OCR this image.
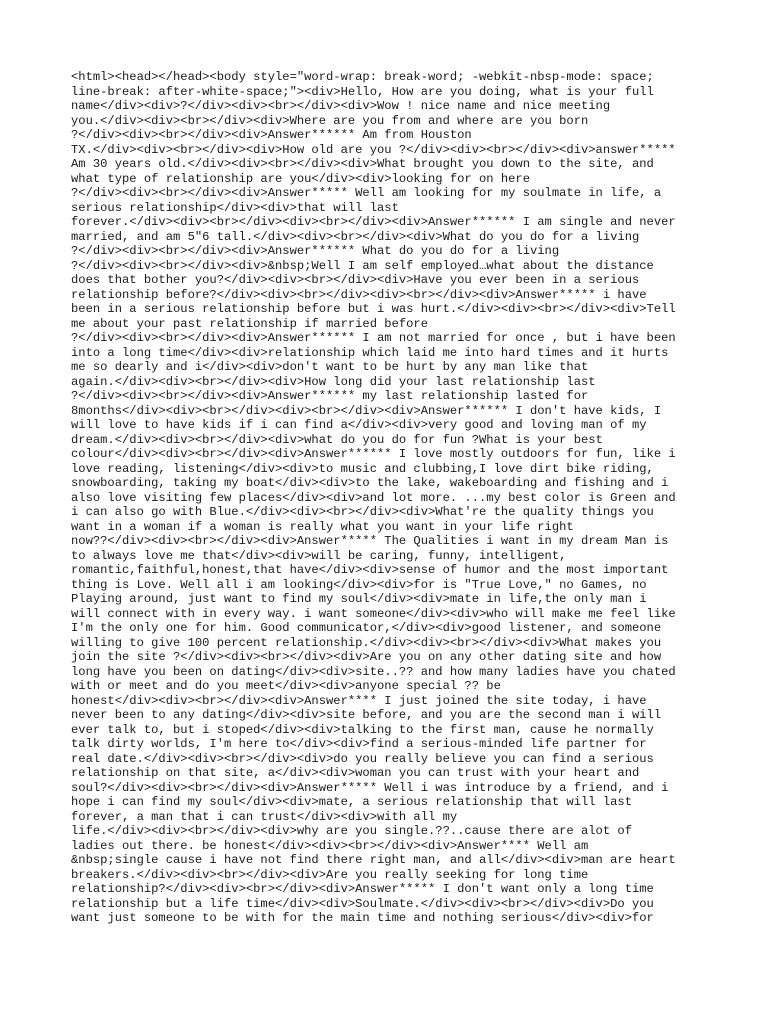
<html><head></head><body style="word-wrap: break-word; -webkit-nbsp-mode: space;
line-break: after-white-space;"><div>Hello, How are you doing, what is your full
name</div><div>?</div><div><br></div><div>Wow ! nice name and nice meeting
you.</div><div><br></div><div>Where are you from and where are you born
?</div><div><br></div><div>Answer****** Am from Houston
TX.</div><div><br></div><div>How old are you ?</div><div><br></div><div>answer*****
Am 30 years old.</div><div><br></div><div>What brought you down to the site, and
what type of relationship are you</div><div>looking for on here
?</div><div><br></div><div>Answer***** Well am looking for my soulmate in life, a
serious relationship</div><div>that will last
forever.</div><div><br></div><div><br></div><div>Answer****** I am single and never
married, and am 5"6 tall.</div><div><br></div><div>What do you do for a living
?</div><div><br></div><div>Answer****** What do you do for a living
?</div><div><br></div><div>&nbsp;Well I am self employed…what about the distance
does that bother you?</div><div><br></div><div>Have you ever been in a serious
relationship before?</div><div><br></div><div><br></div><div>Answer***** i have
been in a serious relationship before but i was hurt.</div><div><br></div><div>Tell
me about your past relationship if married before
?</div><div><br></div><div>Answer****** I am not married for once , but i have been
into a long time</div><div>relationship which laid me into hard times and it hurts
me so dearly and i</div><div>don't want to be hurt by any man like that
again.</div><div><br></div><div>How long did your last relationship last
?</div><div><br></div><div>Answer****** my last relationship lasted for
8months</div><div><br></div><div><br></div><div>Answer****** I don't have kids, I
will love to have kids if i can find a</div><div>very good and loving man of my
dream.</div><div><br></div><div>what do you do for fun ?What is your best
colour</div><div><br></div><div>Answer****** I love mostly outdoors for fun, like i
love reading, listening</div><div>to music and clubbing,I love dirt bike riding,
snowboarding, taking my boat</div><div>to the lake, wakeboarding and fishing and i
also love visiting few places</div><div>and lot more. ...my best color is Green and
i can also go with Blue.</div><div><br></div><div>What're the quality things you
want in a woman if a woman is really what you want in your life right
now??</div><div><br></div><div>Answer***** The Qualities i want in my dream Man is
to always love me that</div><div>will be caring, funny, intelligent,
romantic,faithful,honest,that have</div><div>sense of humor and the most important
thing is Love. Well all i am looking</div><div>for is "True Love," no Games, no
Playing around, just want to find my soul</div><div>mate in life,the only man i
will connect with in every way. i want someone</div><div>who will make me feel like
I'm the only one for him. Good communicator,</div><div>good listener, and someone
willing to give 100 percent relationship.</div><div><br></div><div>What makes you
join the site ?</div><div><br></div><div>Are you on any other dating site and how
long have you been on dating</div><div>site..?? and how many ladies have you chated
with or meet and do you meet</div><div>anyone special ?? be
honest</div><div><br></div><div>Answer**** I just joined the site today, i have
never been to any dating</div><div>site before, and you are the second man i will
ever talk to, but i stoped</div><div>talking to the first man, cause he normally
talk dirty worlds, I'm here to</div><div>find a serious-minded life partner for
real date.</div><div><br></div><div>do you really believe you can find a serious
relationship on that site, a</div><div>woman you can trust with your heart and
soul?</div><div><br></div><div>Answer***** Well i was introduce by a friend, and i
hope i can find my soul</div><div>mate, a serious relationship that will last
forever, a man that i can trust</div><div>with all my
life.</div><div><br></div><div>why are you single.??..cause there are alot of
ladies out there. be honest</div><div><br></div><div>Answer**** Well am
&nbsp;single cause i have not find there right man, and all</div><div>man are heart
breakers.</div><div><br></div><div>Are you really seeking for long time
relationship?</div><div><br></div><div>Answer***** I don't want only a long time
relationship but a life time</div><div>Soulmate.</div><div><br></div><div>Do you
want just someone to be with for the main time and nothing serious</div><div>for
